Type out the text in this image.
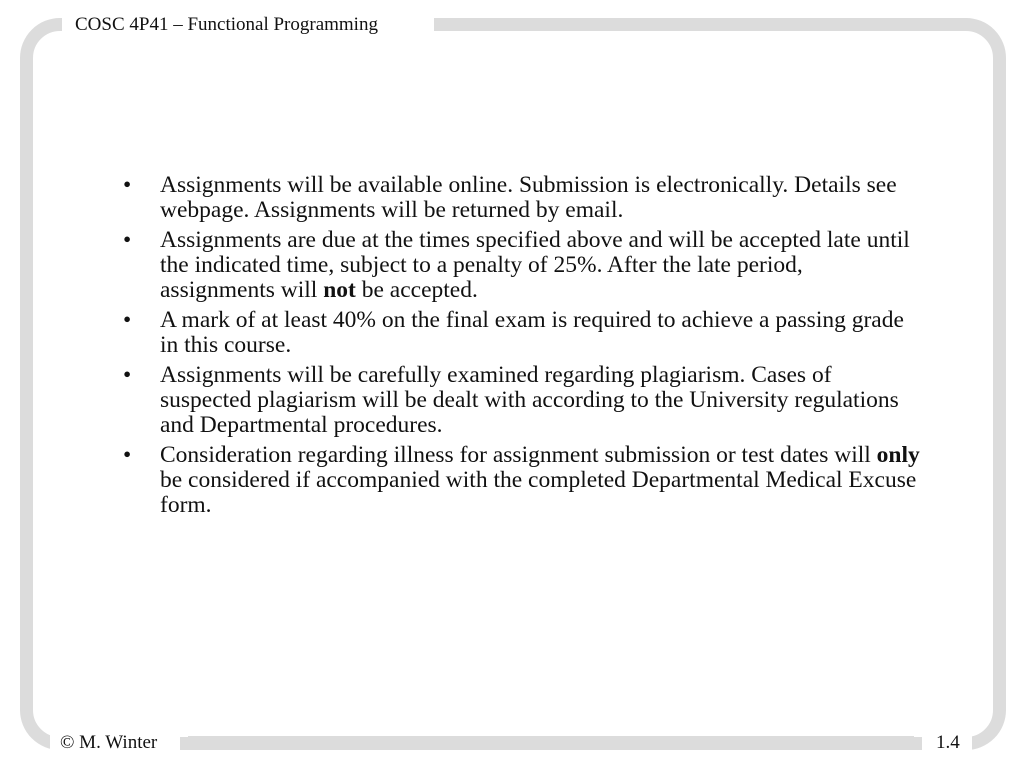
COSC 4P41 – Functional Programming
• Assignments will be available online. Submission is electronically. Details see webpage. Assignments will be returned by email.
• Assignments are due at the times specified above and will be accepted late until the indicated time, subject to a penalty of 25%. After the late period, assignments will not be accepted.
• A mark of at least 40% on the final exam is required to achieve a passing grade in this course.
• Assignments will be carefully examined regarding plagiarism. Cases of suspected plagiarism will be dealt with according to the University regulations and Departmental procedures.
• Consideration regarding illness for assignment submission or test dates will only be considered if accompanied with the completed Departmental Medical Excuse form.
© M. Winter	1.4
